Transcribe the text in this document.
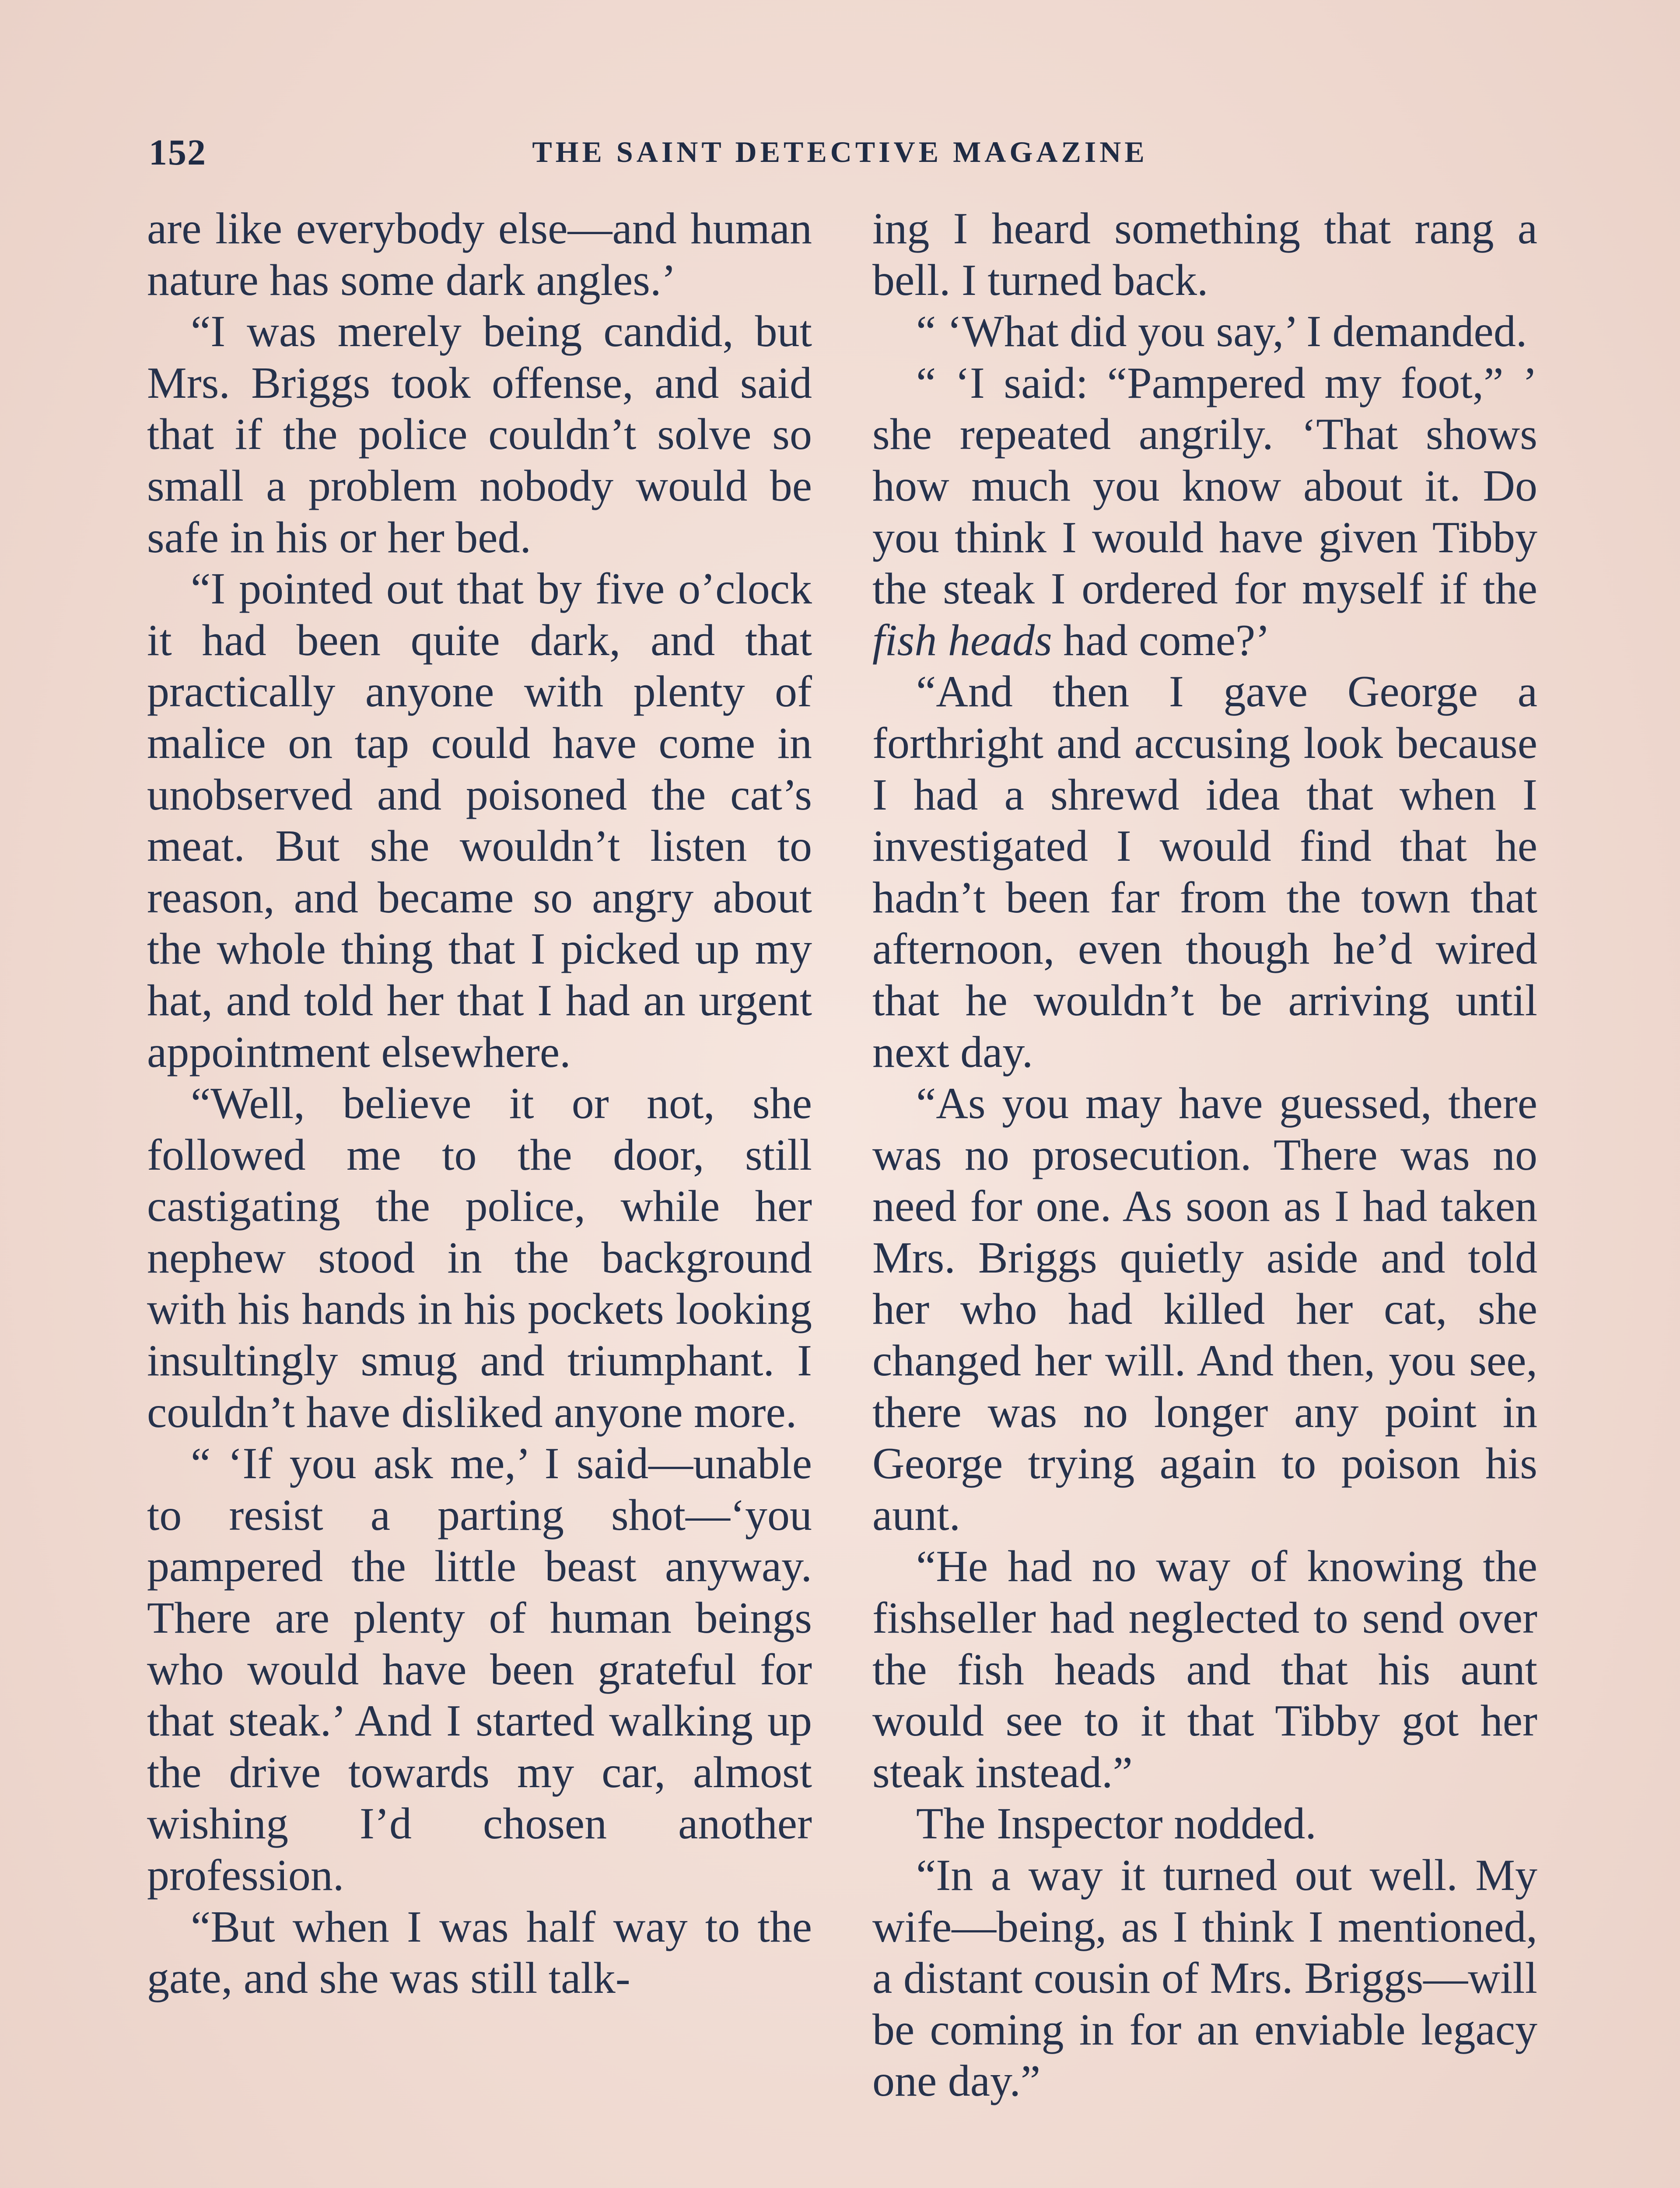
152	THE SAINT DETECTIVE MAGAZINE

are like everybody else—and human nature has some dark angles.’

“I was merely being candid, but Mrs. Briggs took offense, and said that if the police couldn’t solve so small a problem nobody would be safe in his or her bed.

“I pointed out that by five o’clock it had been quite dark, and that practically anyone with plenty of malice on tap could have come in unobserved and poisoned the cat’s meat. But she wouldn’t listen to reason, and became so angry about the whole thing that I picked up my hat, and told her that I had an urgent appointment elsewhere.

“Well, believe it or not, she followed me to the door, still castigating the police, while her nephew stood in the background with his hands in his pockets looking insultingly smug and triumphant. I couldn’t have disliked anyone more.

“ ‘If you ask me,’ I said—unable to resist a parting shot—‘you pampered the little beast anyway. There are plenty of human beings who would have been grateful for that steak.’ And I started walking up the drive towards my car, almost wishing I’d chosen another profession.

“But when I was half way to the gate, and she was still talk-

ing I heard something that rang a bell. I turned back.

“ ‘What did you say,’ I demanded.

“ ‘I said: “Pampered my foot,” ’ she repeated angrily. ‘That shows how much you know about it. Do you think I would have given Tibby the steak I ordered for myself if the fish heads had come?’

“And then I gave George a forthright and accusing look because I had a shrewd idea that when I investigated I would find that he hadn’t been far from the town that afternoon, even though he’d wired that he wouldn’t be arriving until next day.

“As you may have guessed, there was no prosecution. There was no need for one. As soon as I had taken Mrs. Briggs quietly aside and told her who had killed her cat, she changed her will. And then, you see, there was no longer any point in George trying again to poison his aunt.

“He had no way of knowing the fishseller had neglected to send over the fish heads and that his aunt would see to it that Tibby got her steak instead.”

The Inspector nodded.

“In a way it turned out well. My wife—being, as I think I mentioned, a distant cousin of Mrs. Briggs—will be coming in for an enviable legacy one day.”
